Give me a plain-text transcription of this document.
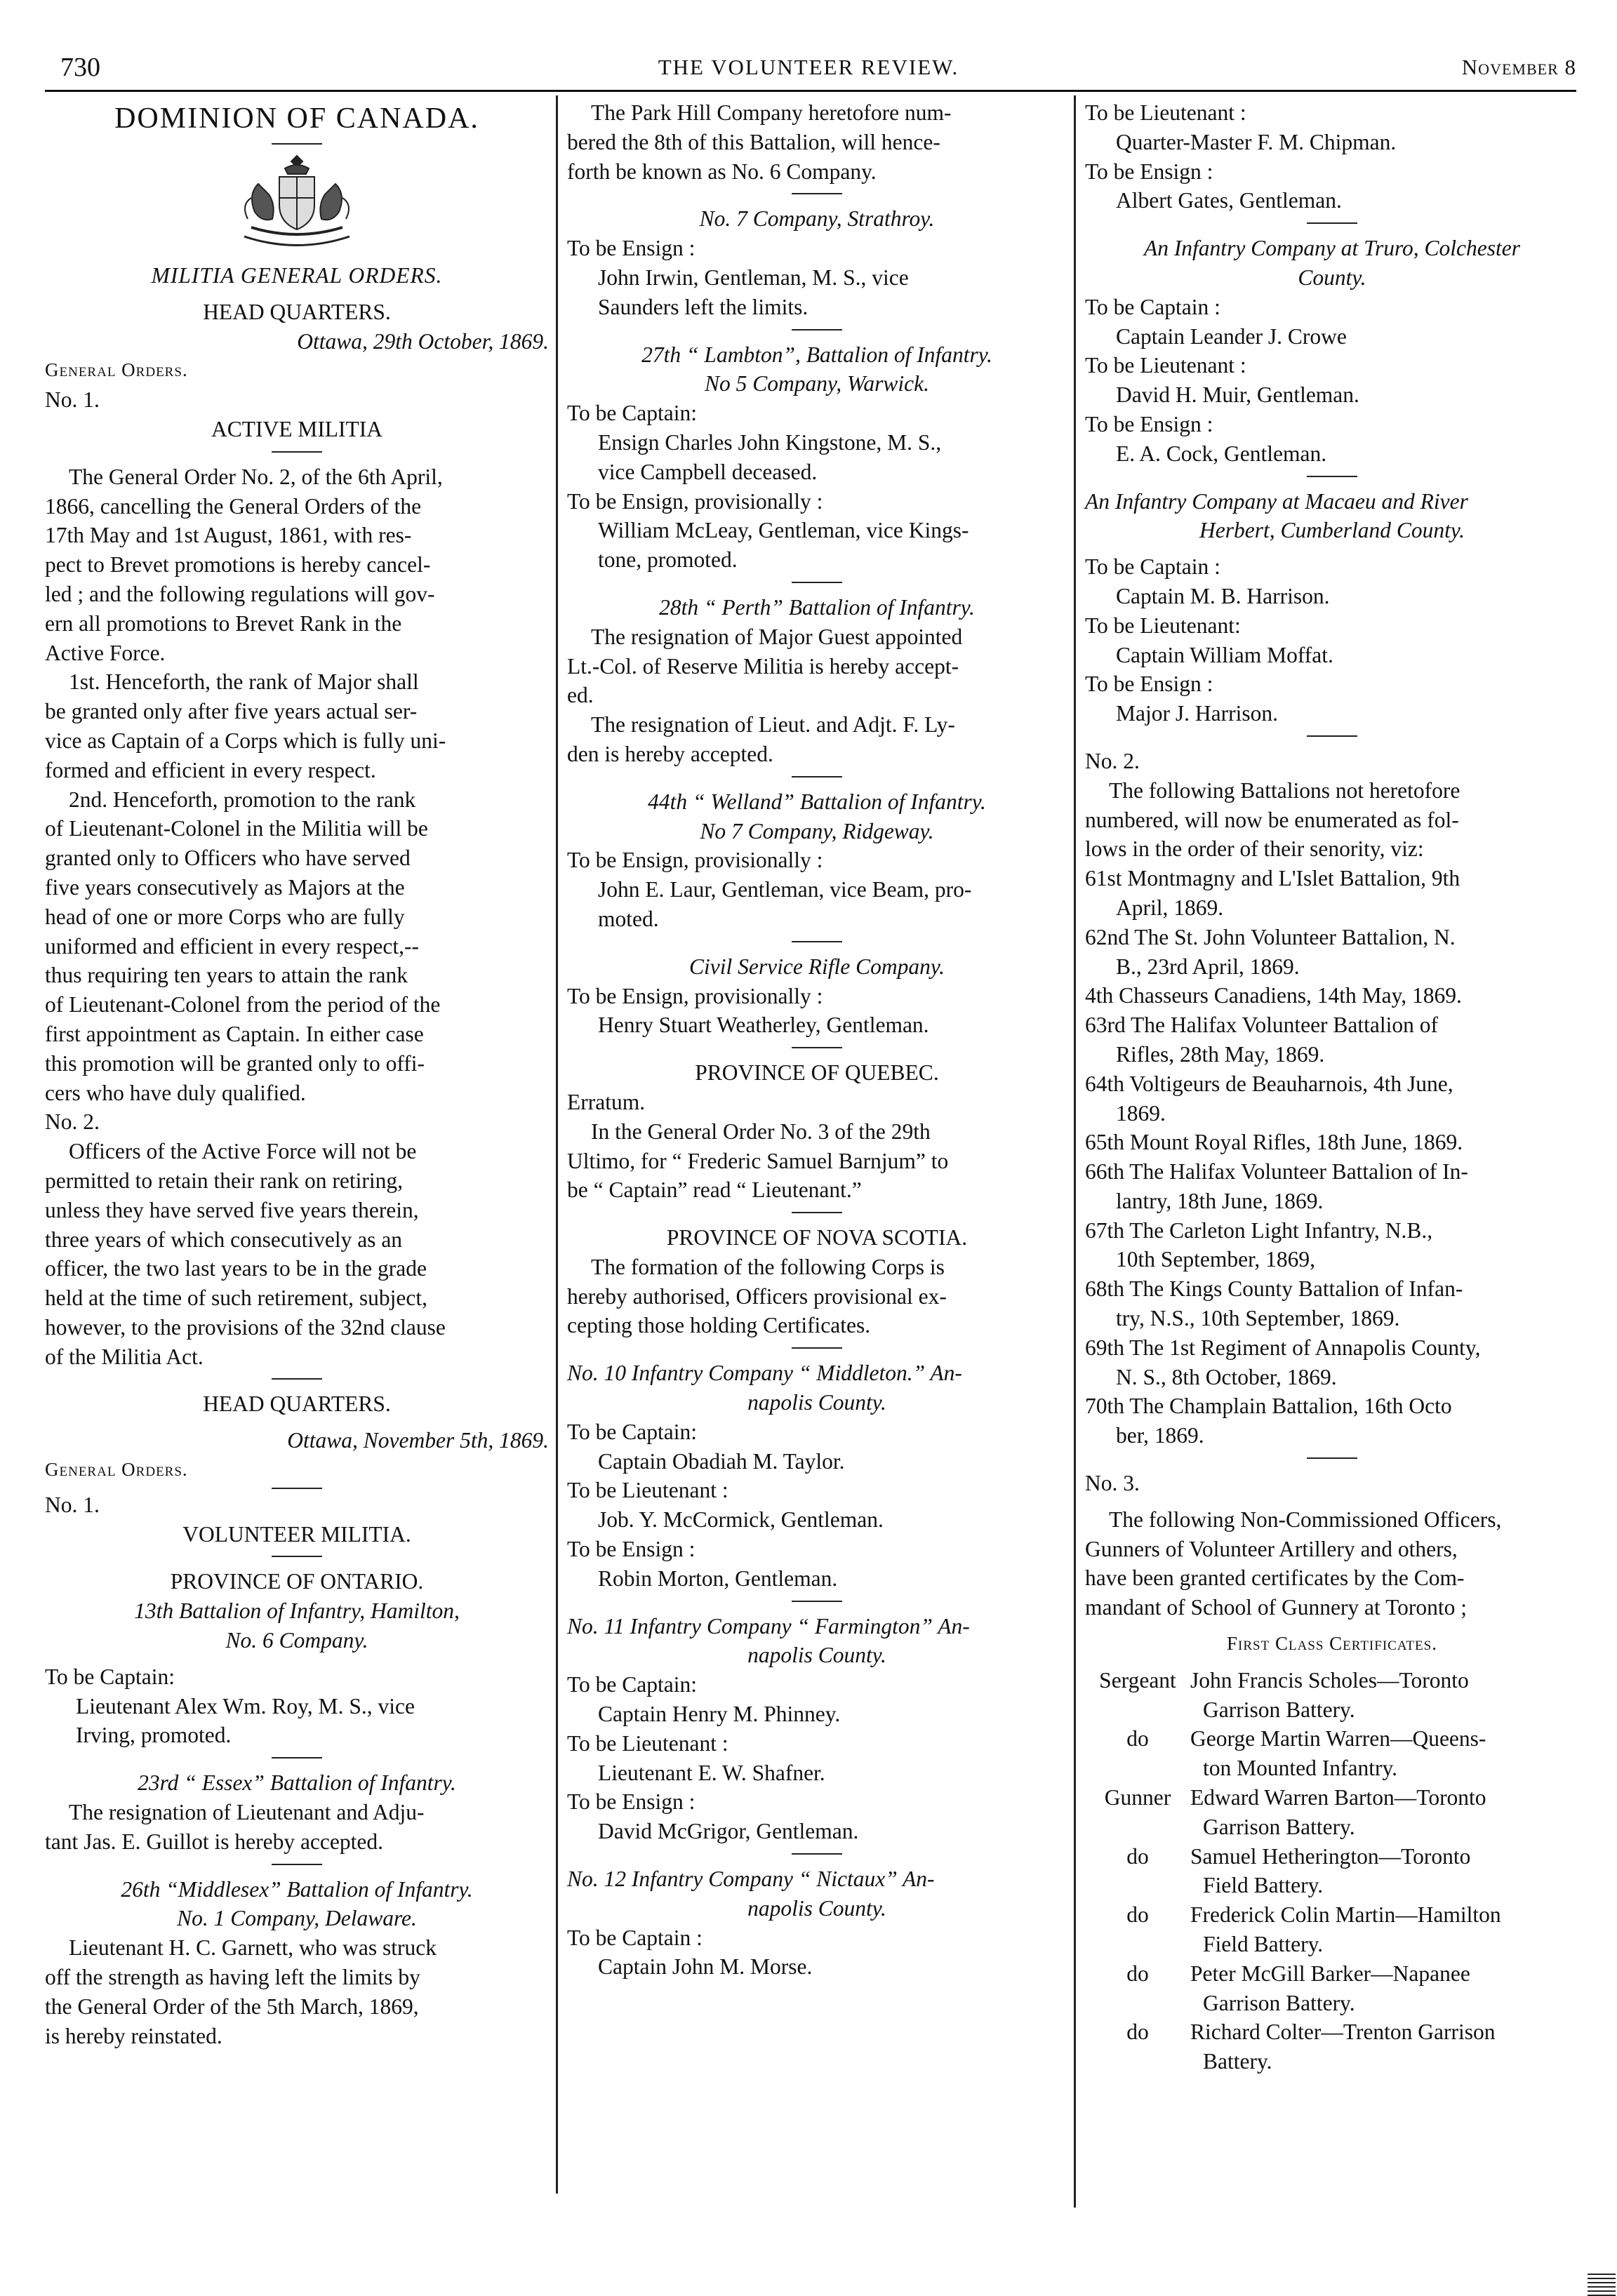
730	THE VOLUNTEER REVIEW.	November 8
DOMINION OF CANADA.
MILITIA GENERAL ORDERS.
HEAD QUARTERS.
Ottawa, 29th October, 1869.
General Orders.
No. 1.
ACTIVE MILITIA
The General Order No. 2, of the 6th April,
1866, cancelling the General Orders of the
17th May and 1st August, 1861, with res-
pect to Brevet promotions is hereby cancel-
led ; and the following regulations will gov-
ern all promotions to Brevet Rank in the
Active Force.
1st. Henceforth, the rank of Major shall
be granted only after five years actual ser-
vice as Captain of a Corps which is fully uni-
formed and efficient in every respect.
2nd. Henceforth, promotion to the rank
of Lieutenant-Colonel in the Militia will be
granted only to Officers who have served
five years consecutively as Majors at the
head of one or more Corps who are fully
uniformed and efficient in every respect,--
thus requiring ten years to attain the rank
of Lieutenant-Colonel from the period of the
first appointment as Captain. In either case
this promotion will be granted only to offi-
cers who have duly qualified.
No. 2.
Officers of the Active Force will not be
permitted to retain their rank on retiring,
unless they have served five years therein,
three years of which consecutively as an
officer, the two last years to be in the grade
held at the time of such retirement, subject,
however, to the provisions of the 32nd clause
of the Militia Act.
HEAD QUARTERS.
Ottawa, November 5th, 1869.
General Orders.
No. 1.
VOLUNTEER MILITIA.
PROVINCE OF ONTARIO.
13th Battalion of Infantry, Hamilton,
No. 6 Company.
To be Captain:
Lieutenant Alex Wm. Roy, M. S., vice
Irving, promoted.
23rd “ Essex” Battalion of Infantry.
The resignation of Lieutenant and Adju-
tant Jas. E. Guillot is hereby accepted.
26th “Middlesex” Battalion of Infantry.
No. 1 Company, Delaware.
Lieutenant H. C. Garnett, who was struck
off the strength as having left the limits by
the General Order of the 5th March, 1869,
is hereby reinstated.
The Park Hill Company heretofore num-
bered the 8th of this Battalion, will hence-
forth be known as No. 6 Company.
No. 7 Company, Strathroy.
To be Ensign :
John Irwin, Gentleman, M. S., vice
Saunders left the limits.
27th “ Lambton”, Battalion of Infantry.
No 5 Company, Warwick.
To be Captain:
Ensign Charles John Kingstone, M. S.,
vice Campbell deceased.
To be Ensign, provisionally :
William McLeay, Gentleman, vice Kings-
tone, promoted.
28th “ Perth” Battalion of Infantry.
The resignation of Major Guest appointed
Lt.-Col. of Reserve Militia is hereby accept-
ed.
The resignation of Lieut. and Adjt. F. Ly-
den is hereby accepted.
44th “ Welland” Battalion of Infantry.
No 7 Company, Ridgeway.
To be Ensign, provisionally :
John E. Laur, Gentleman, vice Beam, pro-
moted.
Civil Service Rifle Company.
To be Ensign, provisionally :
Henry Stuart Weatherley, Gentleman.
PROVINCE OF QUEBEC.
Erratum.
In the General Order No. 3 of the 29th
Ultimo, for “ Frederic Samuel Barnjum” to
be “ Captain” read “ Lieutenant.”
PROVINCE OF NOVA SCOTIA.
The formation of the following Corps is
hereby authorised, Officers provisional ex-
cepting those holding Certificates.
No. 10 Infantry Company “ Middleton.” An-
napolis County.
To be Captain:
Captain Obadiah M. Taylor.
To be Lieutenant :
Job. Y. McCormick, Gentleman.
To be Ensign :
Robin Morton, Gentleman.
No. 11 Infantry Company “ Farmington” An-
napolis County.
To be Captain:
Captain Henry M. Phinney.
To be Lieutenant :
Lieutenant E. W. Shafner.
To be Ensign :
David McGrigor, Gentleman.
No. 12 Infantry Company “ Nictaux” An-
napolis County.
To be Captain :
Captain John M. Morse.
To be Lieutenant :
Quarter-Master F. M. Chipman.
To be Ensign :
Albert Gates, Gentleman.
An Infantry Company at Truro, Colchester
County.
To be Captain :
Captain Leander J. Crowe
To be Lieutenant :
David H. Muir, Gentleman.
To be Ensign :
E. A. Cock, Gentleman.
An Infantry Company at Macaeu and River
Herbert, Cumberland County.
To be Captain :
Captain M. B. Harrison.
To be Lieutenant:
Captain William Moffat.
To be Ensign :
Major J. Harrison.
No. 2.
The following Battalions not heretofore
numbered, will now be enumerated as fol-
lows in the order of their senority, viz:
61st Montmagny and L'Islet Battalion, 9th
April, 1869.
62nd The St. John Volunteer Battalion, N.
B., 23rd April, 1869.
4th Chasseurs Canadiens, 14th May, 1869.
63rd The Halifax Volunteer Battalion of
Rifles, 28th May, 1869.
64th Voltigeurs de Beauharnois, 4th June,
1869.
65th Mount Royal Rifles, 18th June, 1869.
66th The Halifax Volunteer Battalion of In-
lantry, 18th June, 1869.
67th The Carleton Light Infantry, N.B.,
10th September, 1869,
68th The Kings County Battalion of Infan-
try, N.S., 10th September, 1869.
69th The 1st Regiment of Annapolis County,
N. S., 8th October, 1869.
70th The Champlain Battalion, 16th Octo
ber, 1869.
No. 3.
The following Non-Commissioned Officers,
Gunners of Volunteer Artillery and others,
have been granted certificates by the Com-
mandant of School of Gunnery at Toronto ;
First Class Certificates.
Sergeant John Francis Scholes—Toronto
Garrison Battery.
do	George Martin Warren—Queens-
ton Mounted Infantry.
Gunner Edward Warren Barton—Toronto
Garrison Battery.
do	Samuel Hetherington—Toronto
Field Battery.
do	Frederick Colin Martin—Hamilton
Field Battery.
do	Peter McGill Barker—Napanee
Garrison Battery.
do	Richard Colter—Trenton Garrison
Battery.
